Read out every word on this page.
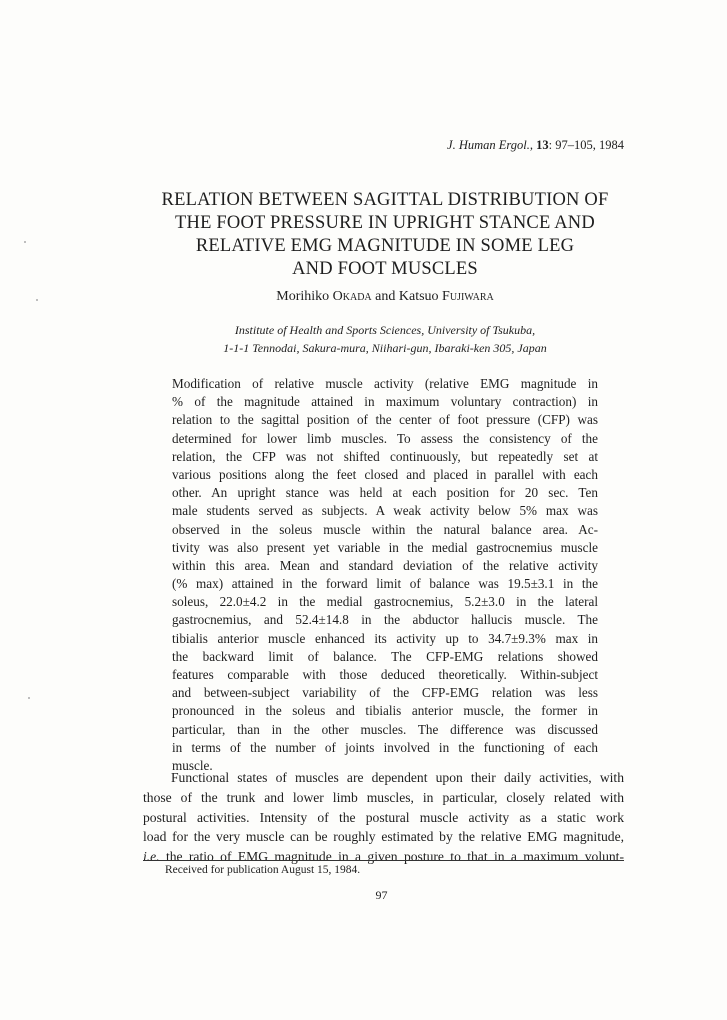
J. Human Ergol., 13: 97–105, 1984
RELATION BETWEEN SAGITTAL DISTRIBUTION OF
THE FOOT PRESSURE IN UPRIGHT STANCE AND
RELATIVE EMG MAGNITUDE IN SOME LEG
AND FOOT MUSCLES
Morihiko Okada and Katsuo Fujiwara
Institute of Health and Sports Sciences, University of Tsukuba,
1-1-1 Tennodai, Sakura-mura, Niihari-gun, Ibaraki-ken 305, Japan
Modification of relative muscle activity (relative EMG magnitude in
% of the magnitude attained in maximum voluntary contraction) in
relation to the sagittal position of the center of foot pressure (CFP) was
determined for lower limb muscles. To assess the consistency of the
relation, the CFP was not shifted continuously, but repeatedly set at
various positions along the feet closed and placed in parallel with each
other. An upright stance was held at each position for 20 sec. Ten
male students served as subjects. A weak activity below 5% max was
observed in the soleus muscle within the natural balance area. Ac-
tivity was also present yet variable in the medial gastrocnemius muscle
within this area. Mean and standard deviation of the relative activity
(% max) attained in the forward limit of balance was 19.5±3.1 in the
soleus, 22.0±4.2 in the medial gastrocnemius, 5.2±3.0 in the lateral
gastrocnemius, and 52.4±14.8 in the abductor hallucis muscle. The
tibialis anterior muscle enhanced its activity up to 34.7±9.3% max in
the backward limit of balance. The CFP-EMG relations showed
features comparable with those deduced theoretically. Within-subject
and between-subject variability of the CFP-EMG relation was less
pronounced in the soleus and tibialis anterior muscle, the former in
particular, than in the other muscles. The difference was discussed
in terms of the number of joints involved in the functioning of each
muscle.
Functional states of muscles are dependent upon their daily activities, with
those of the trunk and lower limb muscles, in particular, closely related with
postural activities. Intensity of the postural muscle activity as a static work
load for the very muscle can be roughly estimated by the relative EMG magnitude,
i.e. the ratio of EMG magnitude in a given posture to that in a maximum volunt-
Received for publication August 15, 1984.
97
